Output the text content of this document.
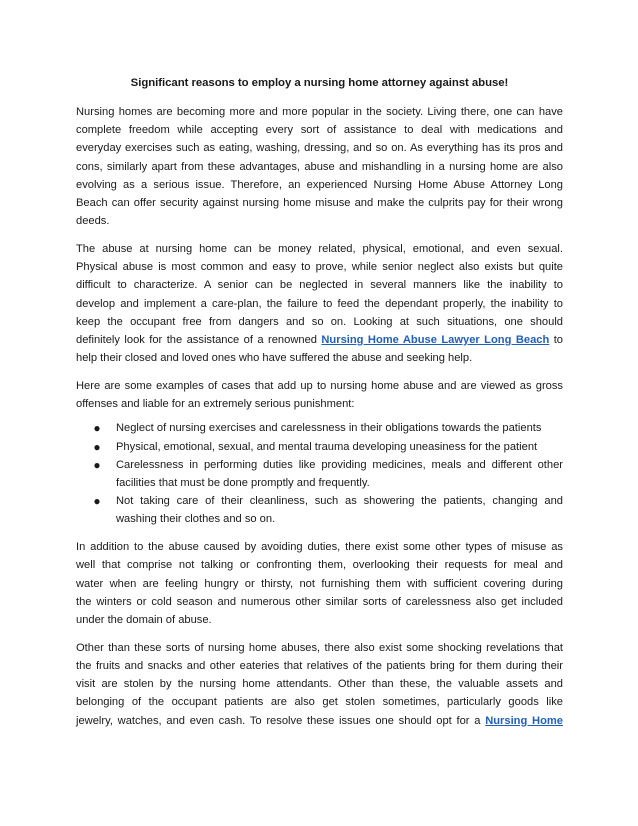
Significant reasons to employ a nursing home attorney against abuse!
Nursing homes are becoming more and more popular in the society. Living there, one can have
complete freedom while accepting every sort of assistance to deal with medications and
everyday exercises such as eating, washing, dressing, and so on. As everything has its pros and
cons, similarly apart from these advantages, abuse and mishandling in a nursing home are also
evolving as a serious issue. Therefore, an experienced Nursing Home Abuse Attorney Long
Beach can offer security against nursing home misuse and make the culprits pay for their wrong
deeds.
The abuse at nursing home can be money related, physical, emotional, and even sexual.
Physical abuse is most common and easy to prove, while senior neglect also exists but quite
difficult to characterize. A senior can be neglected in several manners like the inability to
develop and implement a care-plan, the failure to feed the dependant properly, the inability to
keep the occupant free from dangers and so on. Looking at such situations, one should
definitely look for the assistance of a renowned Nursing Home Abuse Lawyer Long Beach to
help their closed and loved ones who have suffered the abuse and seeking help.
Here are some examples of cases that add up to nursing home abuse and are viewed as gross
offenses and liable for an extremely serious punishment:
● Neglect of nursing exercises and carelessness in their obligations towards the patients
● Physical, emotional, sexual, and mental trauma developing uneasiness for the patient
● Carelessness in performing duties like providing medicines, meals and different other
facilities that must be done promptly and frequently.
● Not taking care of their cleanliness, such as showering the patients, changing and
washing their clothes and so on.
In addition to the abuse caused by avoiding duties, there exist some other types of misuse as
well that comprise not talking or confronting them, overlooking their requests for meal and
water when are feeling hungry or thirsty, not furnishing them with sufficient covering during
the winters or cold season and numerous other similar sorts of carelessness also get included
under the domain of abuse.
Other than these sorts of nursing home abuses, there also exist some shocking revelations that
the fruits and snacks and other eateries that relatives of the patients bring for them during their
visit are stolen by the nursing home attendants. Other than these, the valuable assets and
belonging of the occupant patients are also get stolen sometimes, particularly goods like
jewelry, watches, and even cash. To resolve these issues one should opt for a Nursing Home
